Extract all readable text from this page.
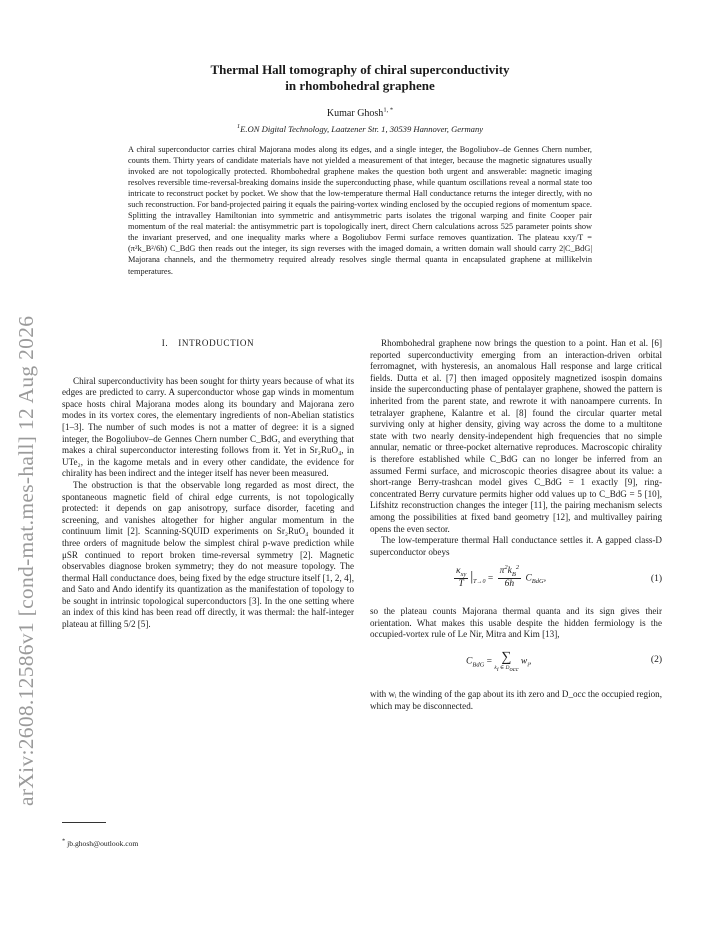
arXiv:2608.12586v1 [cond-mat.mes-hall] 12 Aug 2026
Thermal Hall tomography of chiral superconductivity
in rhombohedral graphene
Kumar Ghosh$^{1, *}$
$^1$E.ON Digital Technology, Laatzener Str. 1, 30539 Hannover, Germany
A chiral superconductor carries chiral Majorana modes along its edges, and a single integer, the Bogoliubov–de Gennes Chern number, counts them. Thirty years of candidate materials have not yielded a measurement of that integer, because the magnetic signatures usually invoked are not topologically protected. Rhombohedral graphene makes the question both urgent and answerable: magnetic imaging resolves reversible time-reversal-breaking domains inside the superconducting phase, while quantum oscillations reveal a normal state too intricate to reconstruct pocket by pocket. We show that the low-temperature thermal Hall conductance returns the integer directly, with no such reconstruction. For band-projected pairing it equals the pairing-vortex winding enclosed by the occupied regions of momentum space. Splitting the intravalley Hamiltonian into symmetric and antisymmetric parts isolates the trigonal warping and finite Cooper pair momentum of the real material: the antisymmetric part is topologically inert, direct Chern calculations across 525 parameter points show the invariant preserved, and one inequality marks where a Bogoliubov Fermi surface removes quantization. The plateau κxy/T = (π²k_B²/6h) C_BdG then reads out the integer, its sign reverses with the imaged domain, a written domain wall should carry 2|C_BdG| Majorana channels, and the thermometry required already resolves single thermal quanta in encapsulated graphene at millikelvin temperatures.
I. INTRODUCTION

Chiral superconductivity has been sought for thirty years because of what its edges are predicted to carry. A superconductor whose gap winds in momentum space hosts chiral Majorana modes along its boundary and Majorana zero modes in its vortex cores, the elementary ingredients of non-Abelian statistics [1–3]. The number of such modes is not a matter of degree: it is a signed integer, the Bogoliubov–de Gennes Chern number C_BdG, and everything that makes a chiral superconductor interesting follows from it. Yet in Sr₂RuO₄, in UTe₂, in the kagome metals and in every other candidate, the evidence for chirality has been indirect and the integer itself has never been measured.

The obstruction is that the observable long regarded as most direct, the spontaneous magnetic field of chiral edge currents, is not topologically protected: it depends on gap anisotropy, surface disorder, faceting and screening, and vanishes altogether for higher angular momentum in the continuum limit [2]. Scanning-SQUID experiments on Sr₂RuO₄ bounded it three orders of magnitude below the simplest chiral p-wave prediction while μSR continued to report broken time-reversal symmetry [2]. Magnetic observables diagnose broken symmetry; they do not measure topology. The thermal Hall conductance does, being fixed by the edge structure itself [1, 2, 4], and Sato and Ando identify its quantization as the manifestation of topology to be sought in intrinsic topological superconductors [3]. In the one setting where an index of this kind has been read off directly, it was thermal: the half-integer plateau at filling 5/2 [5].

Rhombohedral graphene now brings the question to a point. Han et al. [6] reported superconductivity emerging from an interaction-driven orbital ferromagnet, with hysteresis, an anomalous Hall response and large critical fields. Dutta et al. [7] then imaged oppositely magnetized isospin domains inside the superconducting phase of pentalayer graphene, showed the pattern is inherited from the parent state, and rewrote it with nanoampere currents. In tetralayer graphene, Kalantre et al. [8] found the circular quarter metal surviving only at higher density, giving way across the dome to a multitone state with two nearly density-independent high frequencies that no simple annular, nematic or three-pocket alternative reproduces. Macroscopic chirality is therefore established while C_BdG can no longer be inferred from an assumed Fermi surface, and microscopic theories disagree about its value: a short-range Berry-trashcan model gives C_BdG = 1 exactly [9], ring-concentrated Berry curvature permits higher odd values up to C_BdG = 5 [10], Lifshitz reconstruction changes the integer [11], the pairing mechanism selects among the possibilities at fixed band geometry [12], and multivalley pairing opens the even sector.

The low-temperature thermal Hall conductance settles it. A gapped class-D superconductor obeys

$\frac{\kappa_{xy}}{T} |_{T\to 0} = \frac{\pi^2k_B^2}{6h} C_{BdG}$,	(1)

so the plateau counts Majorana thermal quanta and its sign gives their orientation. What makes this usable despite the hidden fermiology is the occupied-vortex rule of Le Nir, Mitra and Kim [13],

$C_{BdG}$ = ∑
$k_i$ ∈ $D_{occ}$
$w_i$,	(2)

with wᵢ the winding of the gap about its ith zero and D_occ the occupied region, which may be disconnected.

* jb.ghosh@outlook.com
